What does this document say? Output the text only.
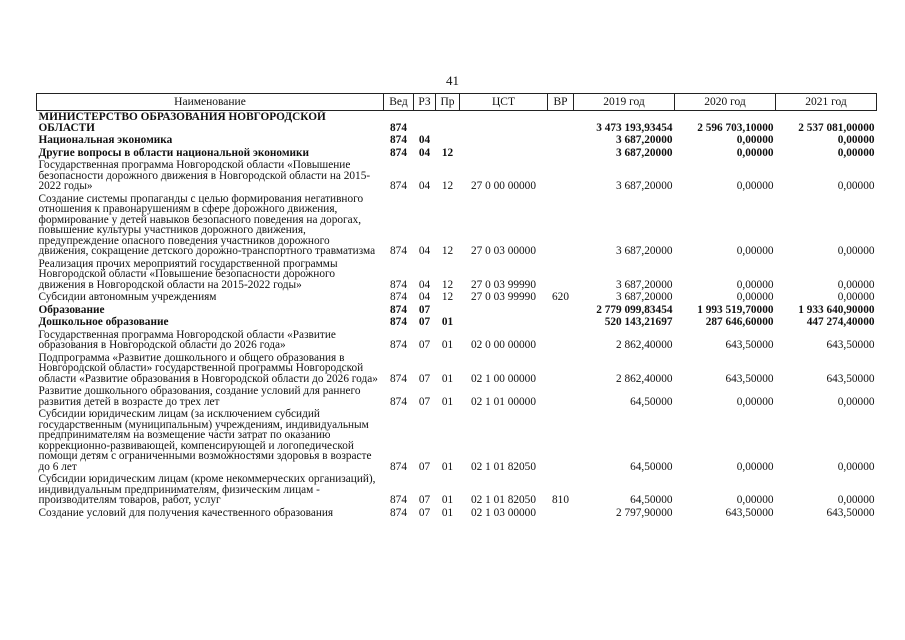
41
Наименование	Вед	РЗ	Пр	ЦСТ	ВР	2019 год	2020 год	2021 год
МИНИСТЕРСТВО ОБРАЗОВАНИЯ НОВГОРОДСКОЙ ОБЛАСТИ	874					3 473 193,93454	2 596 703,10000	2 537 081,00000
Национальная экономика	874	04				3 687,20000	0,00000	0,00000
Другие вопросы в области национальной экономики	874	04	12			3 687,20000	0,00000	0,00000
Государственная программа Новгородской области «Повышение безопасности дорожного движения в Новгородской области на 2015-2022 годы»	874	04	12	27 0 00 00000		3 687,20000	0,00000	0,00000
Создание системы пропаганды с целью формирования негативного отношения к правонарушениям в сфере дорожного движения, формирование у детей навыков безопасного поведения на дорогах, повышение культуры участников дорожного движения, предупреждение опасного поведения участников дорожного движения, сокращение детского дорожно-транспортного травматизма	874	04	12	27 0 03 00000		3 687,20000	0,00000	0,00000
Реализация прочих мероприятий государственной программы Новгородской области «Повышение безопасности дорожного движения в Новгородской области на 2015-2022 годы»	874	04	12	27 0 03 99990		3 687,20000	0,00000	0,00000
Субсидии автономным учреждениям	874	04	12	27 0 03 99990	620	3 687,20000	0,00000	0,00000
Образование	874	07				2 779 099,83454	1 993 519,70000	1 933 640,90000
Дошкольное образование	874	07	01			520 143,21697	287 646,60000	447 274,40000
Государственная программа Новгородской области «Развитие образования в Новгородской области до 2026 года»	874	07	01	02 0 00 00000		2 862,40000	643,50000	643,50000
Подпрограмма «Развитие дошкольного и общего образования в Новгородской области» государственной программы Новгородской области «Развитие образования в Новгородской области до 2026 года»	874	07	01	02 1 00 00000		2 862,40000	643,50000	643,50000
Развитие дошкольного образования, создание условий для раннего развития детей в возрасте до трех лет	874	07	01	02 1 01 00000		64,50000	0,00000	0,00000
Субсидии юридическим лицам (за исключением субсидий государственным (муниципальным) учреждениям, индивидуальным предпринимателям на возмещение части затрат по оказанию коррекционно-развивающей, компенсирующей и логопедической помощи детям с ограниченными возможностями здоровья в возрасте до 6 лет	874	07	01	02 1 01 82050		64,50000	0,00000	0,00000
Субсидии юридическим лицам (кроме некоммерческих организаций), индивидуальным предпринимателям, физическим лицам - производителям товаров, работ, услуг	874	07	01	02 1 01 82050	810	64,50000	0,00000	0,00000
Создание условий для получения качественного образования	874	07	01	02 1 03 00000		2 797,90000	643,50000	643,50000
